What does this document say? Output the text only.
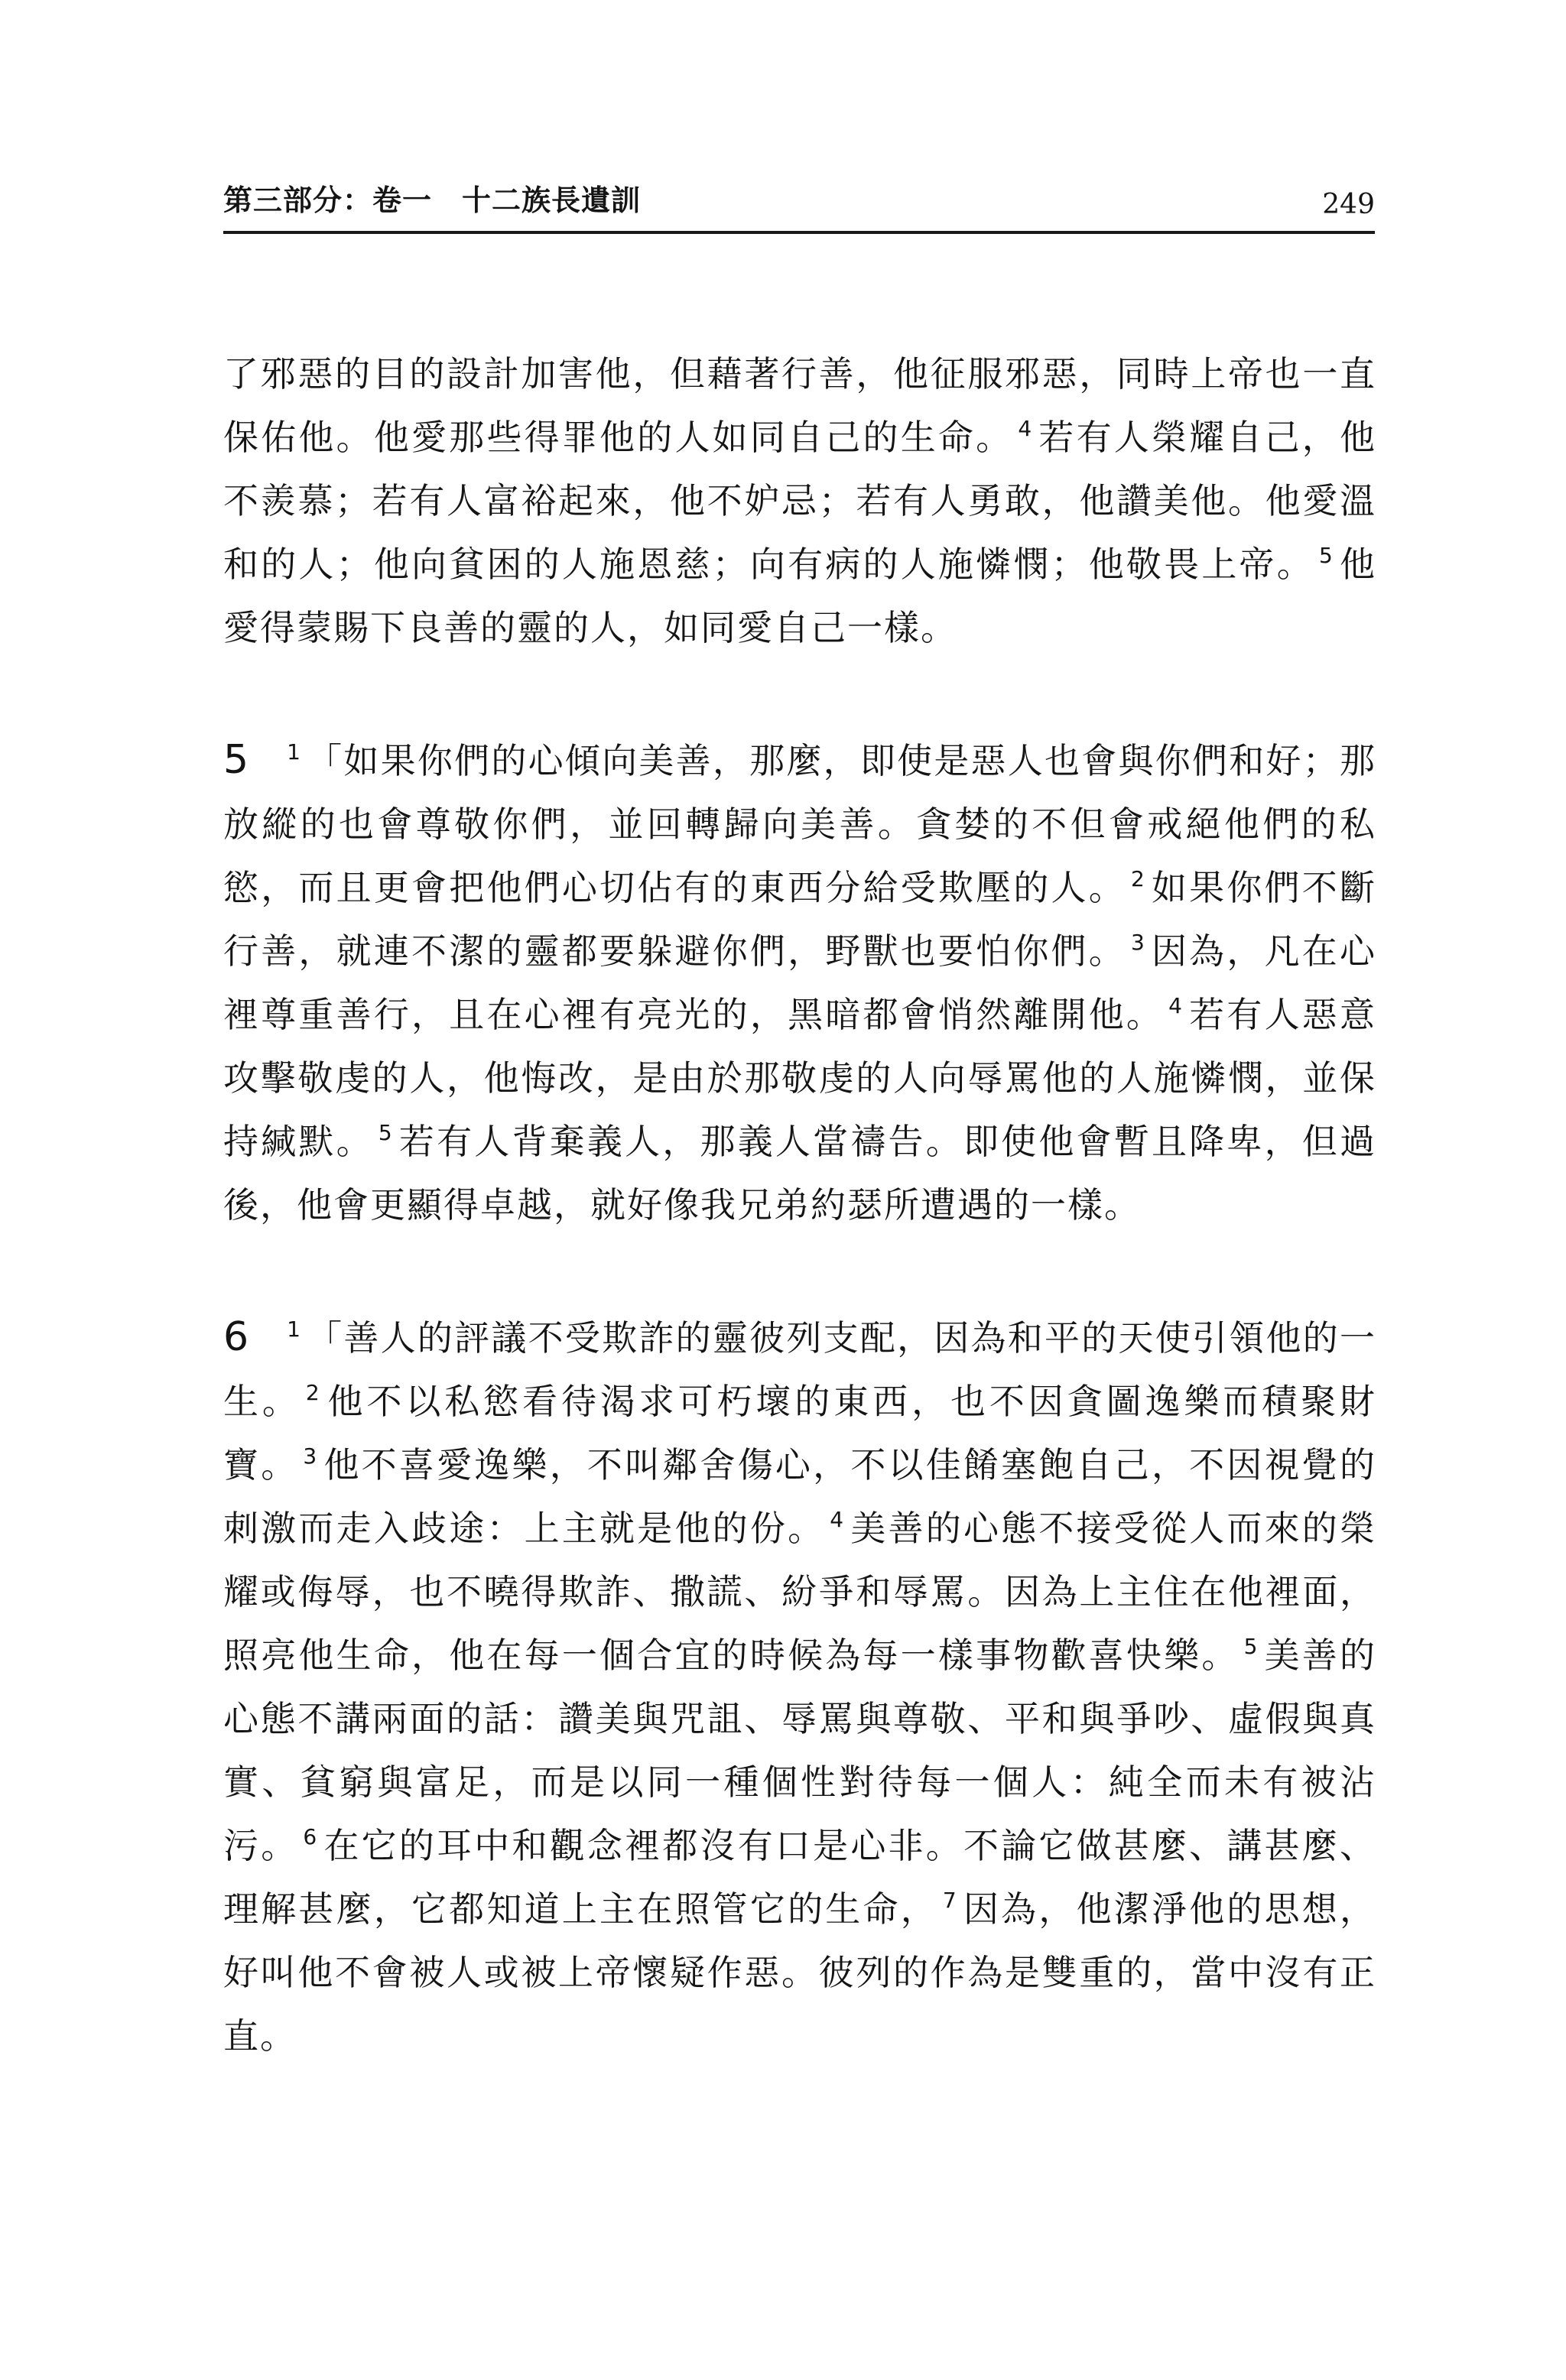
第三部分：卷一　十二族長遺訓	249

了邪惡的目的設計加害他，但藉著行善，他征服邪惡，同時上帝也一直保佑他。他愛那些得罪他的人如同自己的生命。 $^4$ 若有人榮耀自己，他不羨慕；若有人富裕起來，他不妒忌；若有人勇敢，他讚美他。他愛溫和的人；他向貧困的人施恩慈；向有病的人施憐憫；他敬畏上帝。 $^5$ 他愛得蒙賜下良善的靈的人，如同愛自己一樣。

5 $^1$ 「如果你們的心傾向美善，那麼，即使是惡人也會與你們和好；那放縱的也會尊敬你們，並回轉歸向美善。貪婪的不但會戒絕他們的私慾，而且更會把他們心切佔有的東西分給受欺壓的人。 $^2$ 如果你們不斷行善，就連不潔的靈都要躲避你們，野獸也要怕你們。 $^3$ 因為，凡在心裡尊重善行，且在心裡有亮光的，黑暗都會悄然離開他。 $^4$ 若有人惡意攻擊敬虔的人，他悔改，是由於那敬虔的人向辱罵他的人施憐憫，並保持緘默。 $^5$ 若有人背棄義人，那義人當禱告。即使他會暫且降卑，但過後，他會更顯得卓越，就好像我兄弟約瑟所遭遇的一樣。

6 $^1$ 「善人的評議不受欺詐的靈彼列支配，因為和平的天使引領他的一生。 $^2$ 他不以私慾看待渴求可朽壞的東西，也不因貪圖逸樂而積聚財寶。 $^3$ 他不喜愛逸樂，不叫鄰舍傷心，不以佳餚塞飽自己，不因視覺的刺激而走入歧途：上主就是他的份。 $^4$ 美善的心態不接受從人而來的榮耀或侮辱，也不曉得欺詐、撒謊、紛爭和辱罵。因為上主住在他裡面，照亮他生命，他在每一個合宜的時候為每一樣事物歡喜快樂。 $^5$ 美善的心態不講兩面的話：讚美與咒詛、辱罵與尊敬、平和與爭吵、虛假與真實、貧窮與富足，而是以同一種個性對待每一個人：純全而未有被沾污。 $^6$ 在它的耳中和觀念裡都沒有口是心非。不論它做甚麼、講甚麼、理解甚麼，它都知道上主在照管它的生命， $^7$ 因為，他潔淨他的思想，好叫他不會被人或被上帝懷疑作惡。彼列的作為是雙重的，當中沒有正直。
